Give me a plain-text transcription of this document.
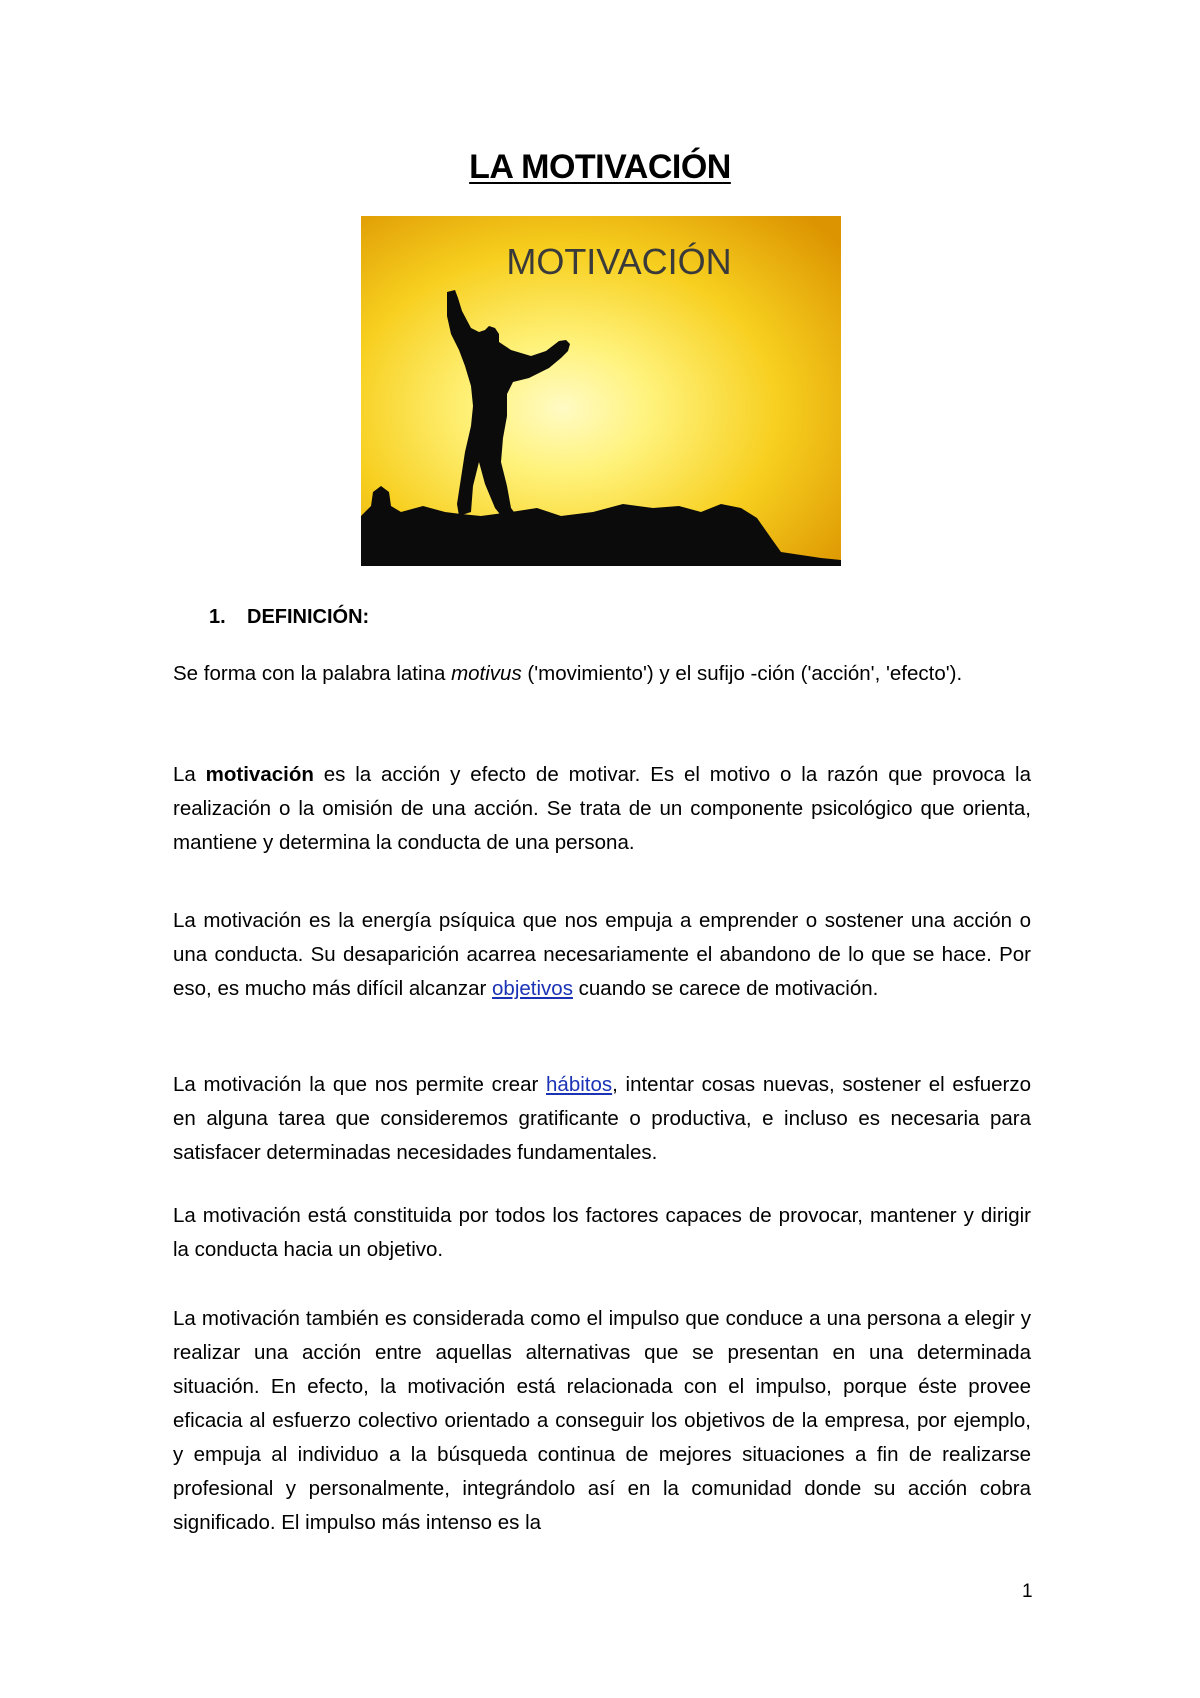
LA MOTIVACIÓN
MOTIVACIÓN
1. DEFINICIÓN:

Se forma con la palabra latina motivus ('movimiento') y el sufijo -ción ('acción', 'efecto').

La motivación es la acción y efecto de motivar. Es el motivo o la razón que provoca la realización o la omisión de una acción. Se trata de un componente psicológico que orienta, mantiene y determina la conducta de una persona.

La motivación es la energía psíquica que nos empuja a emprender o sostener una acción o una conducta. Su desaparición acarrea necesariamente el abandono de lo que se hace. Por eso, es mucho más difícil alcanzar objetivos cuando se carece de motivación.

La motivación la que nos permite crear hábitos, intentar cosas nuevas, sostener el esfuerzo en alguna tarea que consideremos gratificante o productiva, e incluso es necesaria para satisfacer determinadas necesidades fundamentales.

La motivación está constituida por todos los factores capaces de provocar, mantener y dirigir la conducta hacia un objetivo.

La motivación también es considerada como el impulso que conduce a una persona a elegir y realizar una acción entre aquellas alternativas que se presentan en una determinada situación. En efecto, la motivación está relacionada con el impulso, porque éste provee eficacia al esfuerzo colectivo orientado a conseguir los objetivos de la empresa, por ejemplo, y empuja al individuo a la búsqueda continua de mejores situaciones a fin de realizarse profesional y personalmente, integrándolo así en la comunidad donde su acción cobra significado. El impulso más intenso es la

1
